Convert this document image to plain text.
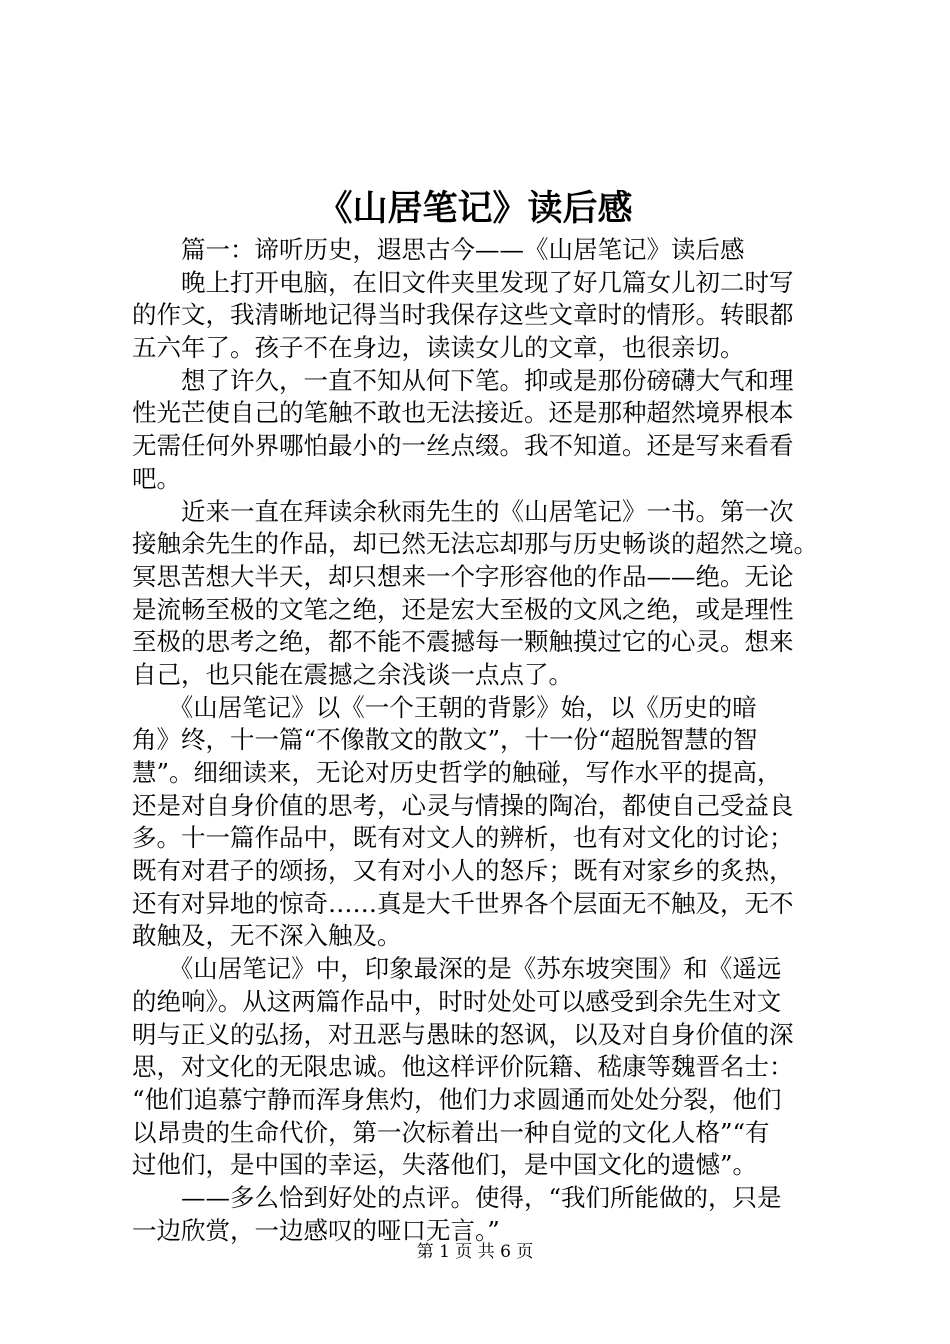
《山居笔记》读后感
　　篇一：谛听历史，遐思古今——《山居笔记》读后感
　　晚上打开电脑，在旧文件夹里发现了好几篇女儿初二时写
的作文，我清晰地记得当时我保存这些文章时的情形。转眼都
五六年了。孩子不在身边，读读女儿的文章，也很亲切。
　　想了许久，一直不知从何下笔。抑或是那份磅礴大气和理
性光芒使自己的笔触不敢也无法接近。还是那种超然境界根本
无需任何外界哪怕最小的一丝点缀。我不知道。还是写来看看
吧。
　　近来一直在拜读余秋雨先生的《山居笔记》一书。第一次
接触余先生的作品，却已然无法忘却那与历史畅谈的超然之境。
冥思苦想大半天，却只想来一个字形容他的作品——绝。无论
是流畅至极的文笔之绝，还是宏大至极的文风之绝，或是理性
至极的思考之绝，都不能不震撼每一颗触摸过它的心灵。想来
自己，也只能在震撼之余浅谈一点点了。
　　《山居笔记》以《一个王朝的背影》始，以《历史的暗
角》终，十一篇“不像散文的散文”，十一份“超脱智慧的智
慧”。细细读来，无论对历史哲学的触碰，写作水平的提高，
还是对自身价值的思考，心灵与情操的陶冶，都使自己受益良
多。十一篇作品中，既有对文人的辨析，也有对文化的讨论；
既有对君子的颂扬，又有对小人的怒斥；既有对家乡的炙热，
还有对异地的惊奇……真是大千世界各个层面无不触及，无不
敢触及，无不深入触及。
　　《山居笔记》中，印象最深的是《苏东坡突围》和《遥远
的绝响》。从这两篇作品中，时时处处可以感受到余先生对文
明与正义的弘扬，对丑恶与愚昧的怒讽，以及对自身价值的深
思，对文化的无限忠诚。他这样评价阮籍、嵇康等魏晋名士：
“他们追慕宁静而浑身焦灼，他们力求圆通而处处分裂，他们
以昂贵的生命代价，第一次标着出一种自觉的文化人格”“有
过他们，是中国的幸运，失落他们，是中国文化的遗憾”。
　　——多么恰到好处的点评。使得，“我们所能做的，只是
一边欣赏，一边感叹的哑口无言。”
第 1 页 共 6 页
